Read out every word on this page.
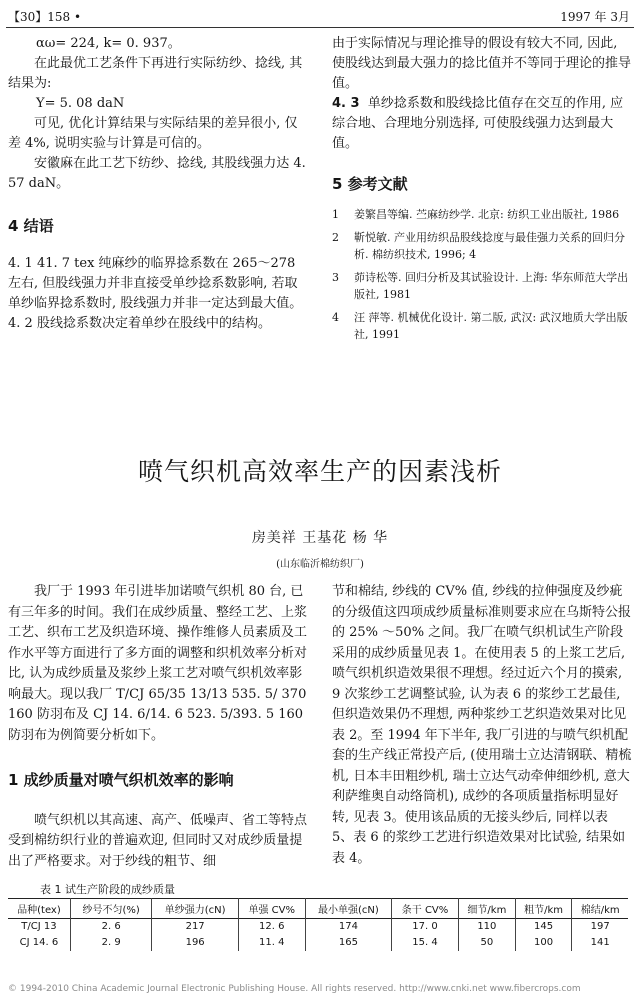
【30】158 •	1997 年 3月

αω= 224, k= 0. 937。

在此最优工艺条件下再进行实际纺纱、捻线, 其结果为:

Y= 5. 08 daN

可见, 优化计算结果与实际结果的差异很小, 仅差 4%, 说明实验与计算是可信的。

安徽麻在此工艺下纺纱、捻线, 其股线强力达 4. 57 daN。

4 结语

4. 1 41. 7 tex 纯麻纱的临界捻系数在 265～278 左右, 但股线强力并非直接受单纱捻系数影响, 若取单纱临界捻系数时, 股线强力并非一定达到最大值。

4. 2 股线捻系数决定着单纱在股线中的结构。

由于实际情况与理论推导的假设有较大不同, 因此, 使股线达到最大强力的捻比值并不等同于理论的推导值。

4. 3 单纱捻系数和股线捻比值存在交互的作用, 应综合地、合理地分别选择, 可使股线强力达到最大值。

5 参考文献

1	姜繁昌等编. 苎麻纺纱学. 北京: 纺织工业出版社, 1986
2	靳悦敏. 产业用纺织品股线捻度与最佳强力关系的回归分析. 棉纺织技术, 1996; 4
3	茆诗松等. 回归分析及其试验设计. 上海: 华东师范大学出版社, 1981
4	汪 萍等. 机械优化设计. 第二版, 武汉: 武汉地质大学出版社, 1991
喷气织机高效率生产的因素浅析
房美祥 王基花 杨 华
(山东临沂棉纺织厂)

我厂于 1993 年引进毕加诺喷气织机 80 台, 已有三年多的时间。我们在成纱质量、整经工艺、上浆工艺、织布工艺及织造环境、操作维修人员素质及工作水平等方面进行了多方面的调整和织机效率分析对比, 认为成纱质量及浆纱上浆工艺对喷气织机效率影响最大。现以我厂 T/CJ 65/35 13/13 535. 5/ 370 160 防羽布及 CJ 14. 6/14. 6 523. 5/393. 5 160 防羽布为例简要分析如下。

1 成纱质量对喷气织机效率的影响

喷气织机以其高速、高产、低噪声、省工等特点受到棉纺织行业的普遍欢迎, 但同时又对成纱质量提出了严格要求。对于纱线的粗节、细

节和棉结, 纱线的 CV% 值, 纱线的拉伸强度及纱疵的分级值这四项成纱质量标准则要求应在乌斯特公报的 25% ～50% 之间。我厂在喷气织机试生产阶段采用的成纱质量见表 1。在使用表 5 的上浆工艺后, 喷气织机织造效果很不理想。经过近六个月的摸索, 9 次浆纱工艺调整试验, 认为表 6 的浆纱工艺最佳, 但织造效果仍不理想, 两种浆纱工艺织造效果对比见表 2。至 1994 年下半年, 我厂引进的与喷气织机配套的生产线正常投产后, (使用瑞士立达清钢联、精梳机, 日本丰田粗纱机, 瑞士立达气动牵伸细纱机, 意大利萨维奥自动络筒机), 成纱的各项质量指标明显好转, 见表 3。使用该品质的无接头纱后, 同样以表 5、表 6 的浆纱工艺进行织造效果对比试验, 结果如表 4。

表 1 试生产阶段的成纱质量
品种(tex)	纱号不匀(%)	单纱强力(cN)	单强 CV%	最小单强(cN)	条干 CV%	细节/km	粗节/km	棉结/km
T/CJ 13	2. 6	217	12. 6	174	17. 0	110	145	197
CJ 14. 6	2. 9	196	11. 4	165	15. 4	50	100	141
© 1994-2010 China Academic Journal Electronic Publishing House. All rights reserved. http://www.cnki.net www.fibercrops.com
